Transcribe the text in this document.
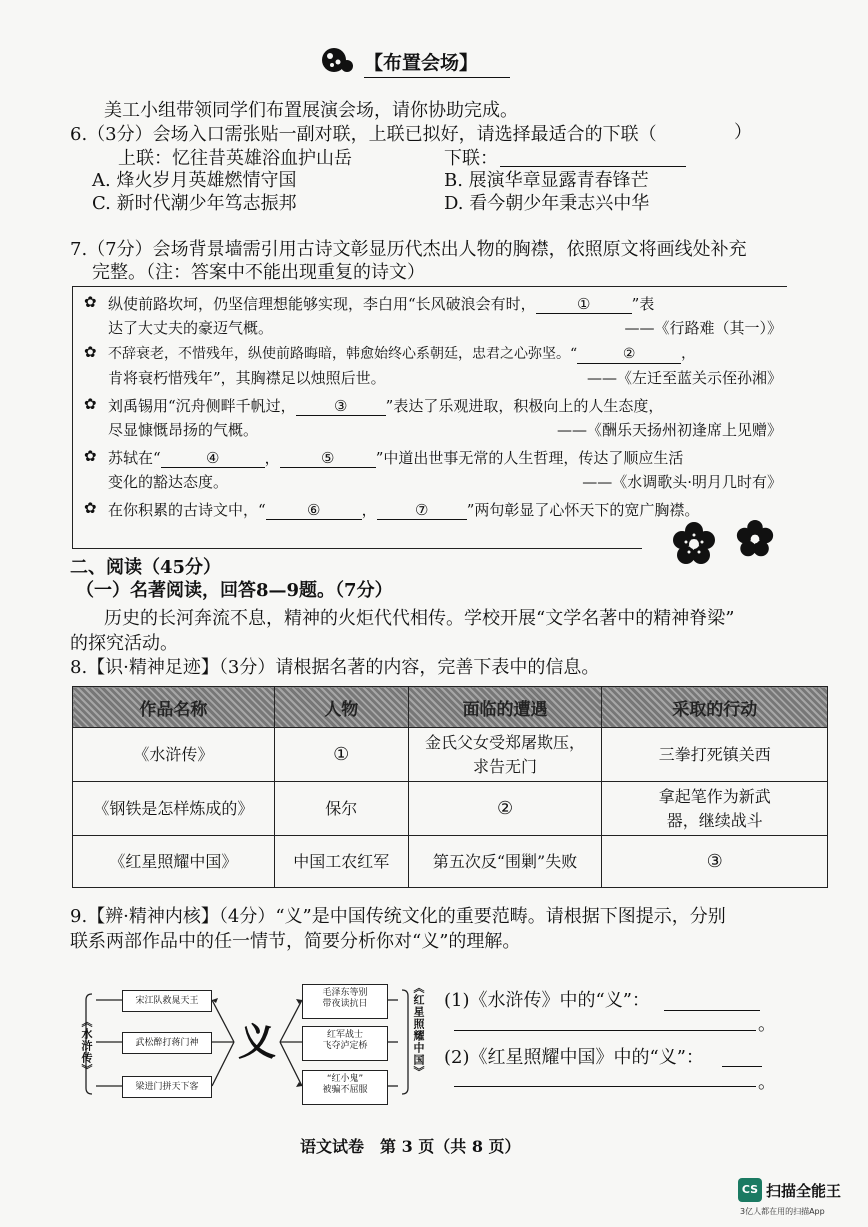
【布置会场】
美工小组带领同学们布置展演会场，请你协助完成。
6.（3分）会场入口需张贴一副对联，上联已拟好，请选择最适合的下联（	）
上联：忆往昔英雄浴血护山岳	下联：
A. 烽火岁月英雄燃情守国	B. 展演华章显露青春锋芒
C. 新时代潮少年笃志振邦	D. 看今朝少年秉志兴中华
7.（7分）会场背景墙需引用古诗文彰显历代杰出人物的胸襟，依照原文将画线处补充
完整。（注：答案中不能出现重复的诗文）
✿ 纵使前路坎坷，仍坚信理想能够实现，李白用“长风破浪会有时，	①	”表
达了大丈夫的豪迈气概。	——《行路难（其一）》
✿ 不辞衰老，不惜残年，纵使前路晦暗，韩愈始终心系朝廷，忠君之心弥坚。“	②	，
肯将衰朽惜残年”，其胸襟足以烛照后世。	——《左迁至蓝关示侄孙湘》
✿ 刘禹锡用“沉舟侧畔千帆过，	③	”表达了乐观进取，积极向上的人生态度，
尽显慷慨昂扬的气概。	——《酬乐天扬州初逢席上见赠》
✿ 苏轼在“	④	，	⑤	”中道出世事无常的人生哲理，传达了顺应生活
变化的豁达态度。	——《水调歌头·明月几时有》
✿ 在你积累的古诗文中，“	⑥	，	⑦	”两句彰显了心怀天下的宽广胸襟。
二、阅读（45分）
（一）名著阅读，回答8—9题。（7分）
历史的长河奔流不息，精神的火炬代代相传。学校开展“文学名著中的精神脊梁”
的探究活动。
8.【识·精神足迹】（3分）请根据名著的内容，完善下表中的信息。
作品名称	人物	面临的遭遇	采取的行动
《水浒传》	①	金氏父女受郑屠欺压，
求告无门	三拳打死镇关西
《钢铁是怎样炼成的》	保尔	②	拿起笔作为新武
器，继续战斗
《红星照耀中国》	中国工农红军	第五次反“围剿”失败	③
9.【辨·精神内核】（4分）“义”是中国传统文化的重要范畴。请根据下图提示，分别
联系两部作品中的任一情节，简要分析你对“义”的理解。
《水浒传》
宋江队救晁天王
武松醉打蒋门神
梁进门拼天下客
义
毛泽东等别
带夜读抗日
红军战士
飞夺泸定桥
“红小鬼”
被骗不屈服
《红星照耀中国》 (1)《水浒传》中的“义”：
。
(2)《红星照耀中国》中的“义”：
。
语文试卷　第 3 页（共 8 页）
CS 扫描全能王
3亿人都在用的扫描App
